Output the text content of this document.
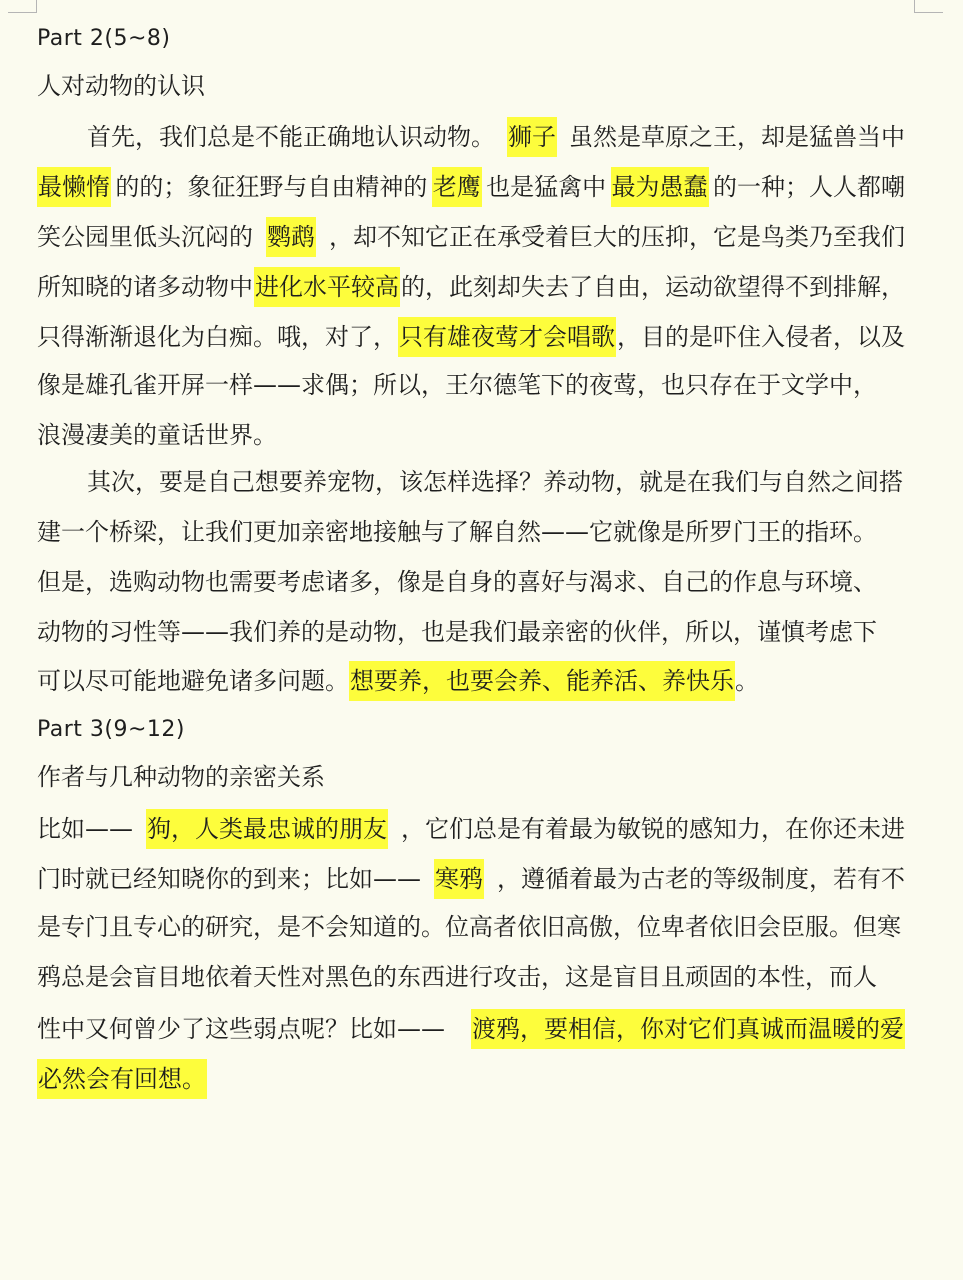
Part 2(5~8)
人对动物的认识
首先，我们总是不能正确地认识动物。 狮子 虽然是草原之王，却是猛兽当中
最懒惰 的的；象征狂野与自由精神的 老鹰 也是猛禽中 最为愚蠢 的一种；人人都嘲
笑公园里低头沉闷的 鹦鹉 ，却不知它正在承受着巨大的压抑，它是鸟类乃至我们
所知晓的诸多动物中 进化水平较高 的，此刻却失去了自由，运动欲望得不到排解，
只得渐渐退化为白痴。哦，对了， 只有雄夜莺才会唱歌 ，目的是吓住入侵者，以及
像是雄孔雀开屏一样——求偶；所以，王尔德笔下的夜莺，也只存在于文学中，
浪漫凄美的童话世界。
其次，要是自己想要养宠物，该怎样选择？养动物，就是在我们与自然之间搭
建一个桥梁，让我们更加亲密地接触与了解自然——它就像是所罗门王的指环。
但是，选购动物也需要考虑诸多，像是自身的喜好与渴求、自己的作息与环境、
动物的习性等——我们养的是动物，也是我们最亲密的伙伴，所以，谨慎考虑下
可以尽可能地避免诸多问题。 想要养，也要会养、能养活、养快乐 。
Part 3(9~12)
作者与几种动物的亲密关系
比如—— 狗，人类最忠诚的朋友 ，它们总是有着最为敏锐的感知力，在你还未进
门时就已经知晓你的到来；比如—— 寒鸦 ，遵循着最为古老的等级制度，若有不
是专门且专心的研究，是不会知道的。位高者依旧高傲，位卑者依旧会臣服。但寒
鸦总是会盲目地依着天性对黑色的东西进行攻击，这是盲目且顽固的本性，而人
性中又何曾少了这些弱点呢？比如—— 渡鸦，要相信，你对它们真诚而温暖的爱
必然会有回想。
